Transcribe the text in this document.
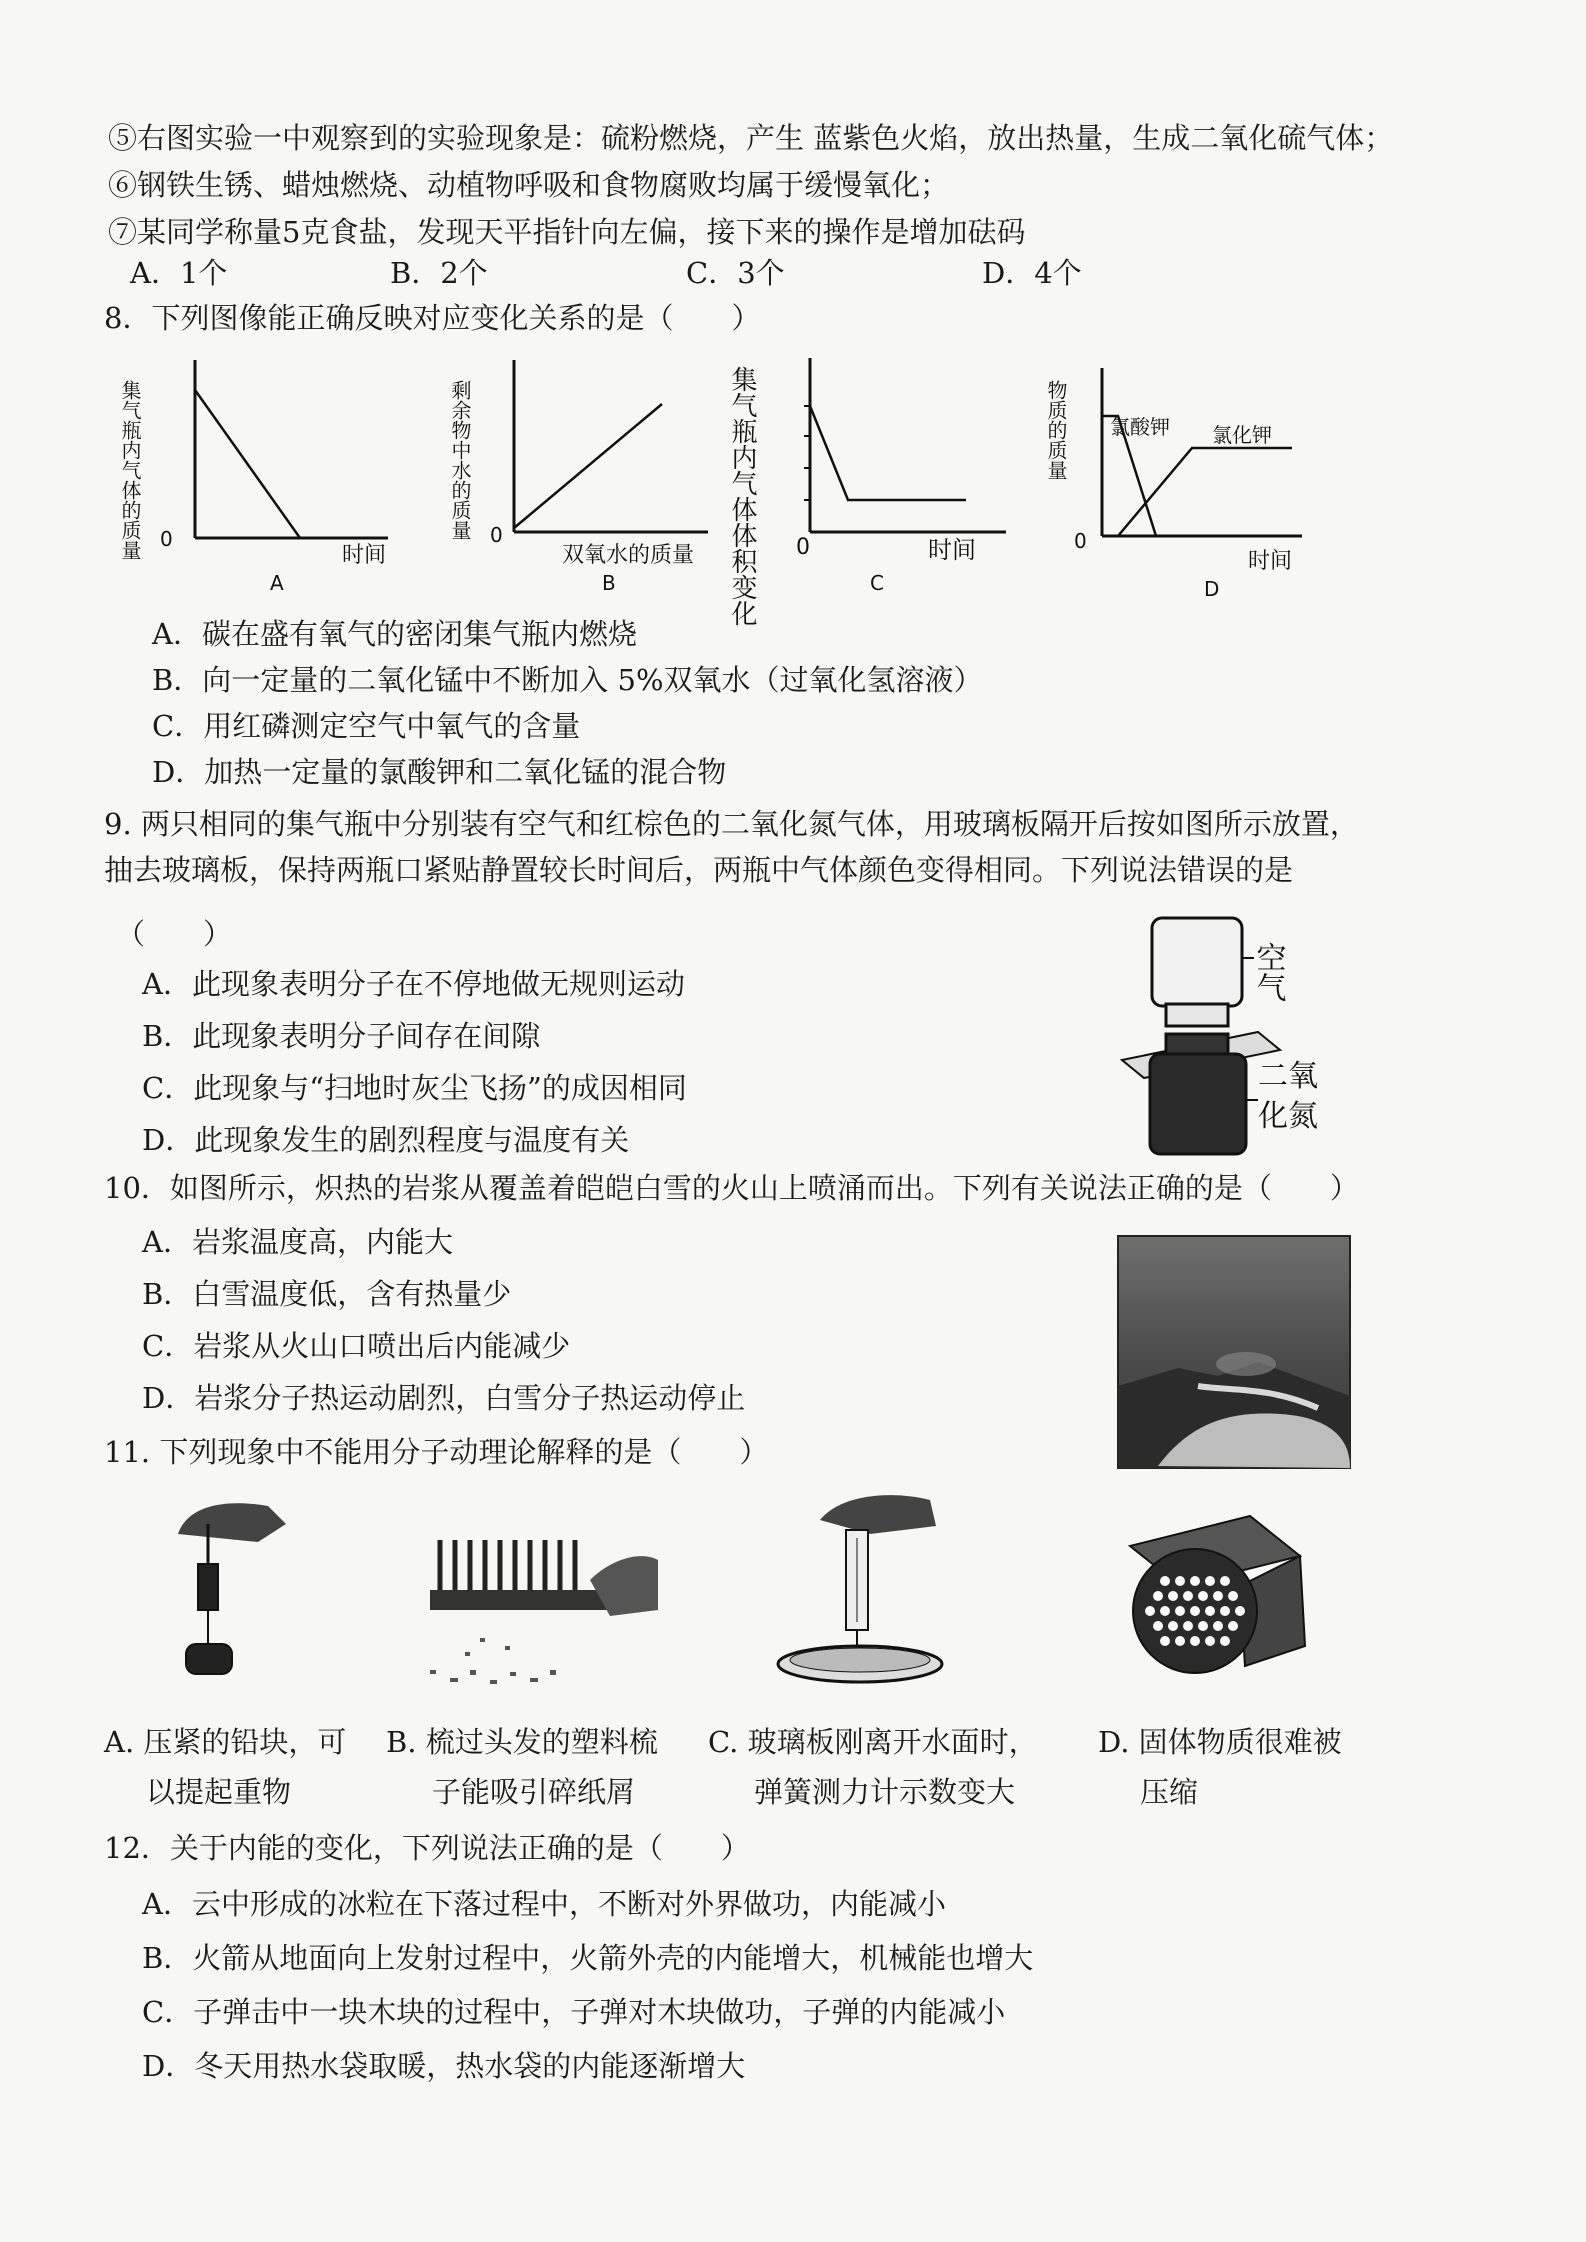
⑤右图实验一中观察到的实验现象是：硫粉燃烧，产生 蓝紫色火焰，放出热量，生成二氧化硫气体；
⑥钢铁生锈、蜡烛燃烧、动植物呼吸和食物腐败均属于缓慢氧化；
⑦某同学称量5克食盐，发现天平指针向左偏，接下来的操作是增加砝码
A．1个	B．2个	C．3个	D．4个
8．下列图像能正确反映对应变化关系的是（　　）
集气瓶内气体的质量 0
时间
A
剩余物中水的质量 0
双氧水的质量
B	集气瓶内气体体积变化 0	时间
C
物质的质量 氯酸钾 氯化钾
0
时间
D
A．碳在盛有氧气的密闭集气瓶内燃烧
B．向一定量的二氧化锰中不断加入 5%双氧水（过氧化氢溶液）
C．用红磷测定空气中氧气的含量
D．加热一定量的氯酸钾和二氧化锰的混合物
9. 两只相同的集气瓶中分别装有空气和红棕色的二氧化氮气体，用玻璃板隔开后按如图所示放置，
抽去玻璃板，保持两瓶口紧贴静置较长时间后，两瓶中气体颜色变得相同。下列说法错误的是
（　　）
A．此现象表明分子在不停地做无规则运动
B．此现象表明分子间存在间隙
C．此现象与“扫地时灰尘飞扬”的成因相同
D．此现象发生的剧烈程度与温度有关
空气
二氧
化氮
10．如图所示，炽热的岩浆从覆盖着皑皑白雪的火山上喷涌而出。下列有关说法正确的是（　　）
A．岩浆温度高，内能大
B．白雪温度低，含有热量少
C．岩浆从火山口喷出后内能减少
D．岩浆分子热运动剧烈，白雪分子热运动停止
11. 下列现象中不能用分子动理论解释的是（　　）
A. 压紧的铅块，可
以提起重物
B. 梳过头发的塑料梳
子能吸引碎纸屑
C. 玻璃板刚离开水面时，
弹簧测力计示数变大
D. 固体物质很难被
压缩
12．关于内能的变化，下列说法正确的是（　　）
A．云中形成的冰粒在下落过程中，不断对外界做功，内能减小
B．火箭从地面向上发射过程中，火箭外壳的内能增大，机械能也增大
C．子弹击中一块木块的过程中，子弹对木块做功，子弹的内能减小
D．冬天用热水袋取暖，热水袋的内能逐渐增大
